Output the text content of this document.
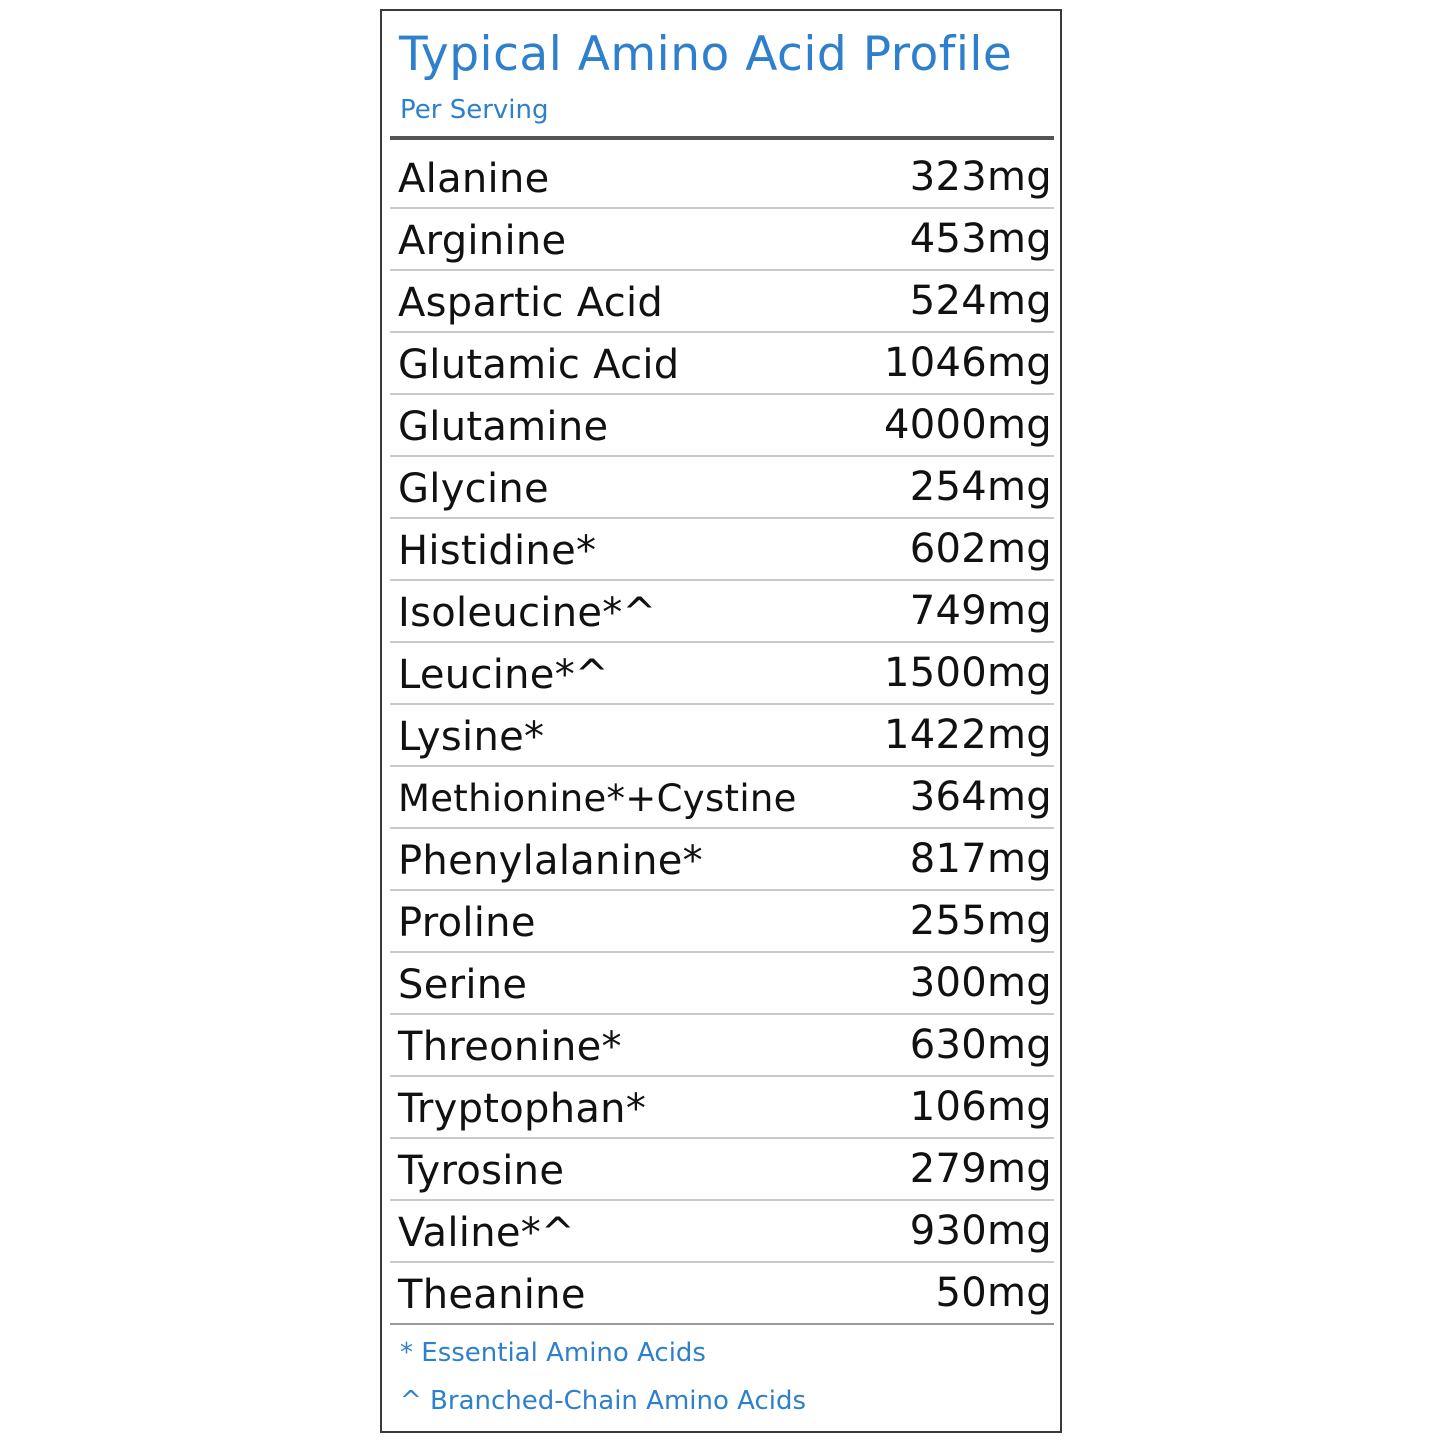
Typical Amino Acid Profile
Per Serving
Alanine	323mg
Arginine	453mg
Aspartic Acid	524mg
Glutamic Acid	1046mg
Glutamine	4000mg
Glycine	254mg
Histidine*	602mg
Isoleucine*^	749mg
Leucine*^	1500mg
Lysine*	1422mg
Methionine*+Cystine	364mg
Phenylalanine*	817mg
Proline	255mg
Serine	300mg
Threonine*	630mg
Tryptophan*	106mg
Tyrosine	279mg
Valine*^	930mg
Theanine	50mg
* Essential Amino Acids
^ Branched-Chain Amino Acids
